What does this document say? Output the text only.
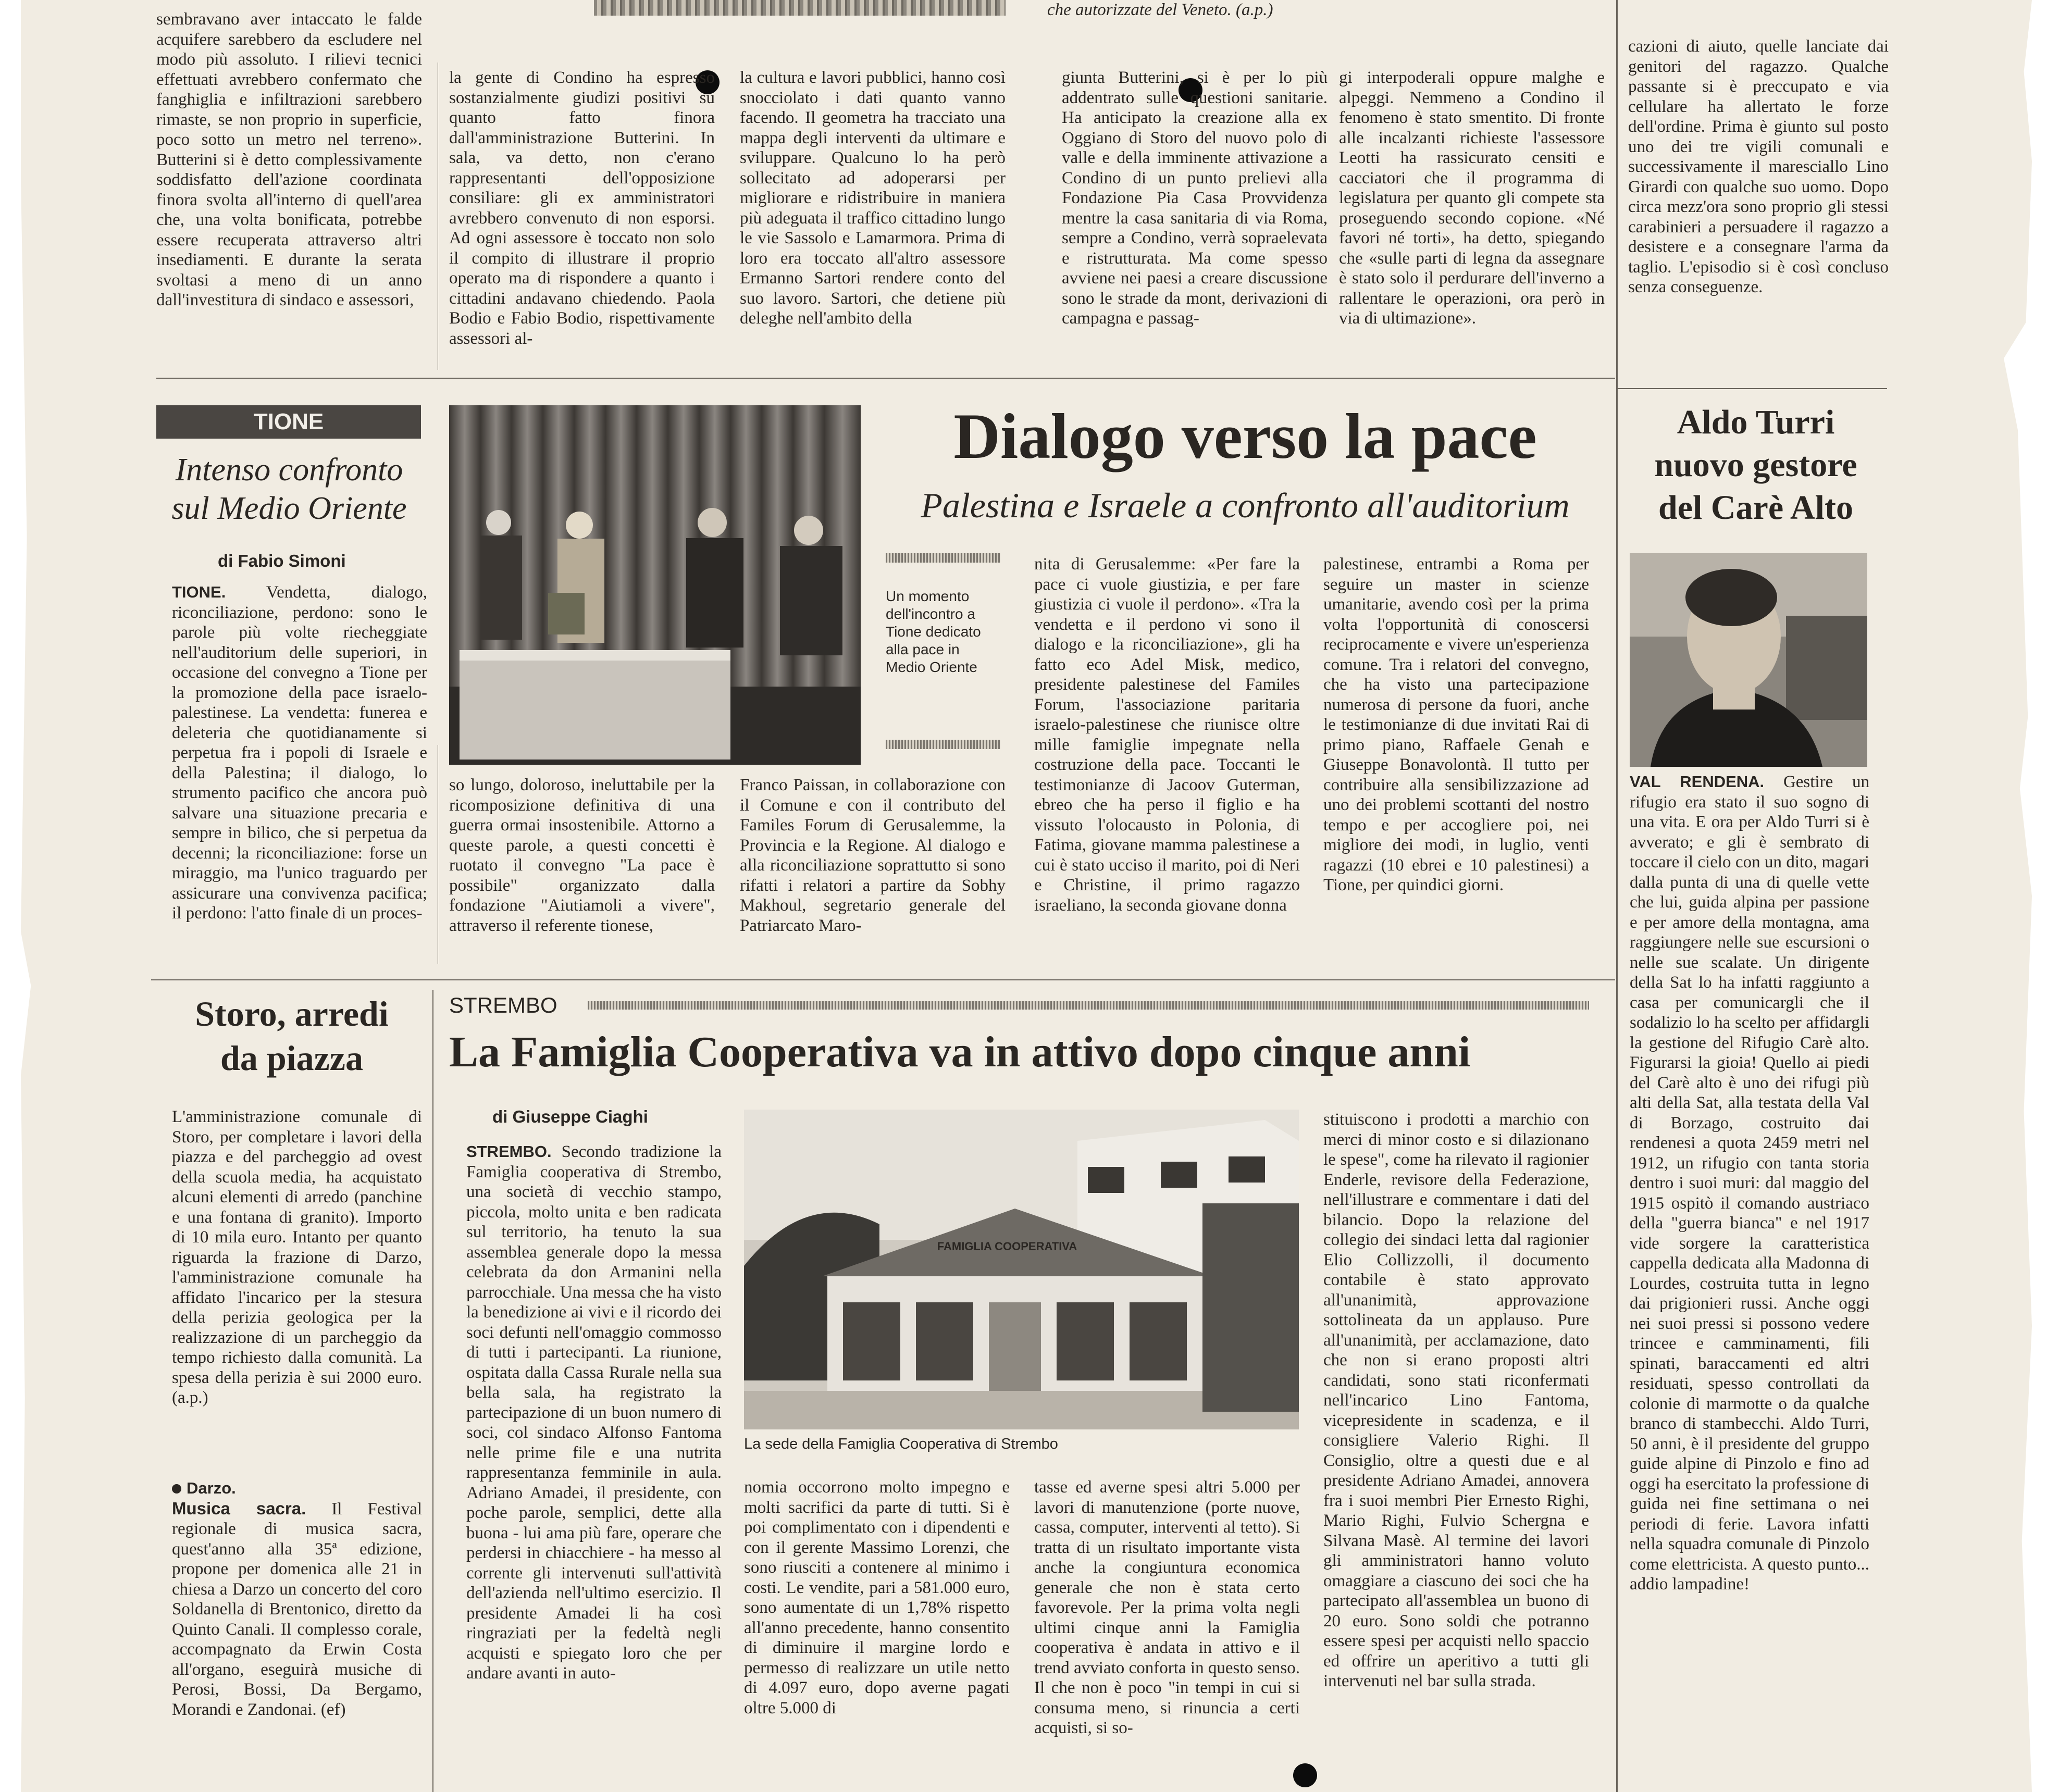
che autorizzate del Veneto. (a.p.)
sembravano aver intaccato le falde acquifere sarebbero da escludere nel modo più assoluto. I rilievi tecnici effettuati avrebbero confermato che fanghiglia e infiltrazioni sarebbero rimaste, se non proprio in superficie, poco sotto un metro nel terreno». Butterini si è detto complessivamente soddisfatto dell'azione coordinata finora svolta all'interno di quell'area che, una volta bonificata, potrebbe essere recuperata attraverso altri insediamenti. E durante la serata svoltasi a meno di un anno dall'investitura di sindaco e assessori,
la gente di Condino ha espresso sostanzialmente giudizi positivi su quanto fatto finora dall'amministrazione Butterini. In sala, va detto, non c'erano rappresentanti dell'opposizione consiliare: gli ex amministratori avrebbero convenuto di non esporsi. Ad ogni assessore è toccato non solo il compito di illustrare il proprio operato ma di rispondere a quanto i cittadini andavano chiedendo. Paola Bodio e Fabio Bodio, rispettivamente assessori al-
la cultura e lavori pubblici, hanno così snocciolato i dati quanto vanno facendo. Il geometra ha tracciato una mappa degli interventi da ultimare e sviluppare. Qualcuno lo ha però sollecitato ad adoperarsi per migliorare e ridistribuire in maniera più adeguata il traffico cittadino lungo le vie Sassolo e Lamarmora. Prima di loro era toccato all'altro assessore Ermanno Sartori rendere conto del suo lavoro. Sartori, che detiene più deleghe nell'ambito della
giunta Butterini, si è per lo più addentrato sulle questioni sanitarie. Ha anticipato la creazione alla ex Oggiano di Storo del nuovo polo di valle e della imminente attivazione a Condino di un punto prelievi alla Fondazione Pia Casa Provvidenza mentre la casa sanitaria di via Roma, sempre a Condino, verrà sopraelevata e ristrutturata. Ma come spesso avviene nei paesi a creare discussione sono le strade da mont, derivazioni di campagna e passag-
gi interpoderali oppure malghe e alpeggi. Nemmeno a Condino il fenomeno è stato smentito. Di fronte alle incalzanti richieste l'assessore Leotti ha rassicurato censiti e cacciatori che il programma di legislatura per quanto gli compete sta proseguendo secondo copione. «Né favori né torti», ha detto, spiegando che «sulle parti di legna da assegnare è stato solo il perdurare dell'inverno a rallentare le operazioni, ora però in via di ultimazione».
cazioni di aiuto, quelle lanciate dai genitori del ragazzo. Qualche passante si è preccupato e via cellulare ha allertato le forze dell'ordine. Prima è giunto sul posto uno dei tre vigili comunali e successivamente il maresciallo Lino Girardi con qualche suo uomo. Dopo circa mezz'ora sono proprio gli stessi carabinieri a persuadere il ragazzo a desistere e a consegnare l'arma da taglio. L'episodio si è così concluso senza conseguenze.
TIONE
Intenso confronto
sul Medio Oriente
di Fabio Simoni

TIONE. Vendetta, dialogo, riconciliazione, perdono: sono le parole più volte riecheggiate nell'auditorium delle superiori, in occasione del convegno a Tione per la promozione della pace israelo-palestinese. La vendetta: funerea e deleteria che quotidianamente si perpetua fra i popoli di Israele e della Palestina; il dialogo, lo strumento pacifico che ancora può salvare una situazione precaria e sempre in bilico, che si perpetua da decenni; la riconciliazione: forse un miraggio, ma l'unico traguardo per assicurare una convivenza pacifica; il perdono: l'atto finale di un proces-

Dialogo verso la pace
Palestina e Israele a confronto all'auditorium
Un momento dell'incontro a Tione dedicato alla pace in Medio Oriente
so lungo, doloroso, ineluttabile per la ricomposizione definitiva di una guerra ormai insostenibile. Attorno a queste parole, a questi concetti è ruotato il convegno "La pace è possibile" organizzato dalla fondazione "Aiutiamoli a vivere", attraverso il referente tionese,
Franco Paissan, in collaborazione con il Comune e con il contributo del Familes Forum di Gerusalemme, la Provincia e la Regione. Al dialogo e alla riconciliazione soprattutto si sono rifatti i relatori a partire da Sobhy Makhoul, segretario generale del Patriarcato Maro-
nita di Gerusalemme: «Per fare la pace ci vuole giustizia, e per fare giustizia ci vuole il perdono». «Tra la vendetta e il perdono vi sono il dialogo e la riconciliazione», gli ha fatto eco Adel Misk, medico, presidente palestinese del Familes Forum, l'associazione paritaria israelo-palestinese che riunisce oltre mille famiglie impegnate nella costruzione della pace. Toccanti le testimonianze di Jacoov Guterman, ebreo che ha perso il figlio e ha vissuto l'olocausto in Polonia, di Fatima, giovane mamma palestinese a cui è stato ucciso il marito, poi di Neri e Christine, il primo ragazzo israeliano, la seconda giovane donna
palestinese, entrambi a Roma per seguire un master in scienze umanitarie, avendo così per la prima volta l'opportunità di conoscersi reciprocamente e vivere un'esperienza comune. Tra i relatori del convegno, che ha visto una partecipazione numerosa di persone da fuori, anche le testimonianze di due invitati Rai di primo piano, Raffaele Genah e Giuseppe Bonavolontà. Il tutto per contribuire alla sensibilizzazione ad uno dei problemi scottanti del nostro tempo e per accogliere poi, nei migliore dei modi, in luglio, venti ragazzi (10 ebrei e 10 palestinesi) a Tione, per quindici giorni.
Aldo Turri
nuovo gestore
del Carè Alto

VAL RENDENA. Gestire un rifugio era stato il suo sogno di una vita. E ora per Aldo Turri si è avverato; e gli è sembrato di toccare il cielo con un dito, magari dalla punta di una di quelle vette che lui, guida alpina per passione e per amore della montagna, ama raggiungere nelle sue escursioni o nelle sue scalate. Un dirigente della Sat lo ha infatti raggiunto a casa per comunicargli che il sodalizio lo ha scelto per affidargli la gestione del Rifugio Carè alto. Figurarsi la gioia! Quello ai piedi del Carè alto è uno dei rifugi più alti della Sat, alla testata della Val di Borzago, costruito dai rendenesi a quota 2459 metri nel 1912, un rifugio con tanta storia dentro i suoi muri: dal maggio del 1915 ospitò il comando austriaco della "guerra bianca" e nel 1917 vide sorgere la caratteristica cappella dedicata alla Madonna di Lourdes, costruita tutta in legno dai prigionieri russi. Anche oggi nei suoi pressi si possono vedere trincee e camminamenti, fili spinati, baraccamenti ed altri residuati, spesso controllati da colonie di marmotte o da qualche branco di stambecchi. Aldo Turri, 50 anni, è il presidente del gruppo guide alpine di Pinzolo e fino ad oggi ha esercitato la professione di guida nei fine settimana o nei periodi di ferie. Lavora infatti nella squadra comunale di Pinzolo come elettricista. A questo punto... addio lampadine!

Storo, arredi
da piazza
L'amministrazione comunale di Storo, per completare i lavori della piazza e del parcheggio ad ovest della scuola media, ha acquistato alcuni elementi di arredo (panchine e una fontana di granito). Importo di 10 mila euro. Intanto per quanto riguarda la frazione di Darzo, l'amministrazione comunale ha affidato l'incarico per la stesura della perizia geologica per la realizzazione di un parcheggio da tempo richiesto dalla comunità. La spesa della perizia è sui 2000 euro. (a.p.)

Darzo.

Musica sacra. Il Festival regionale di musica sacra, quest'anno alla 35ª edizione, propone per domenica alle 21 in chiesa a Darzo un concerto del coro Soldanella di Brentonico, diretto da Quinto Canali. Il complesso corale, accompagnato da Erwin Costa all'organo, eseguirà musiche di Perosi, Bossi, Da Bergamo, Morandi e Zandonai. (ef)

STREMBO
La Famiglia Cooperativa va in attivo dopo cinque anni
di Giuseppe Ciaghi

STREMBO. Secondo tradizione la Famiglia cooperativa di Strembo, una società di vecchio stampo, piccola, molto unita e ben radicata sul territorio, ha tenuto la sua assemblea generale dopo la messa celebrata da don Armanini nella parrocchiale. Una messa che ha visto la benedizione ai vivi e il ricordo dei soci defunti nell'omaggio commosso di tutti i partecipanti. La riunione, ospitata dalla Cassa Rurale nella sua bella sala, ha registrato la partecipazione di un buon numero di soci, col sindaco Alfonso Fantoma nelle prime file e una nutrita rappresentanza femminile in aula. Adriano Amadei, il presidente, con poche parole, semplici, dette alla buona - lui ama più fare, operare che perdersi in chiacchiere - ha messo al corrente gli intervenuti sull'attività dell'azienda nell'ultimo esercizio. Il presidente Amadei li ha così ringraziati per la fedeltà negli acquisti e spiegato loro che per andare avanti in auto-

FAMIGLIA COOPERATIVA
La sede della Famiglia Cooperativa di Strembo
nomia occorrono molto impegno e molti sacrifici da parte di tutti. Si è poi complimentato con i dipendenti e con il gerente Massimo Lorenzi, che sono riusciti a contenere al minimo i costi. Le vendite, pari a 581.000 euro, sono aumentate di un 1,78% rispetto all'anno precedente, hanno consentito di diminuire il margine lordo e permesso di realizzare un utile netto di 4.097 euro, dopo averne pagati oltre 5.000 di
tasse ed averne spesi altri 5.000 per lavori di manutenzione (porte nuove, cassa, computer, interventi al tetto). Si tratta di un risultato importante vista anche la congiuntura economica generale che non è stata certo favorevole. Per la prima volta negli ultimi cinque anni la Famiglia cooperativa è andata in attivo e il trend avviato conforta in questo senso. Il che non è poco "in tempi in cui si consuma meno, si rinuncia a certi acquisti, si so-
stituiscono i prodotti a marchio con merci di minor costo e si dilazionano le spese", come ha rilevato il ragionier Enderle, revisore della Federazione, nell'illustrare e commentare i dati del bilancio. Dopo la relazione del collegio dei sindaci letta dal ragionier Elio Collizzolli, il documento contabile è stato approvato all'unanimità, approvazione sottolineata da un applauso. Pure all'unanimità, per acclamazione, dato che non si erano proposti altri candidati, sono stati riconfermati nell'incarico Lino Fantoma, vicepresidente in scadenza, e il consigliere Valerio Righi. Il Consiglio, oltre a questi due e al presidente Adriano Amadei, annovera fra i suoi membri Pier Ernesto Righi, Mario Righi, Fulvio Schergna e Silvana Masè. Al termine dei lavori gli amministratori hanno voluto omaggiare a ciascuno dei soci che ha partecipato all'assemblea un buono di 20 euro. Sono soldi che potranno essere spesi per acquisti nello spaccio ed offrire un aperitivo a tutti gli intervenuti nel bar sulla strada.
